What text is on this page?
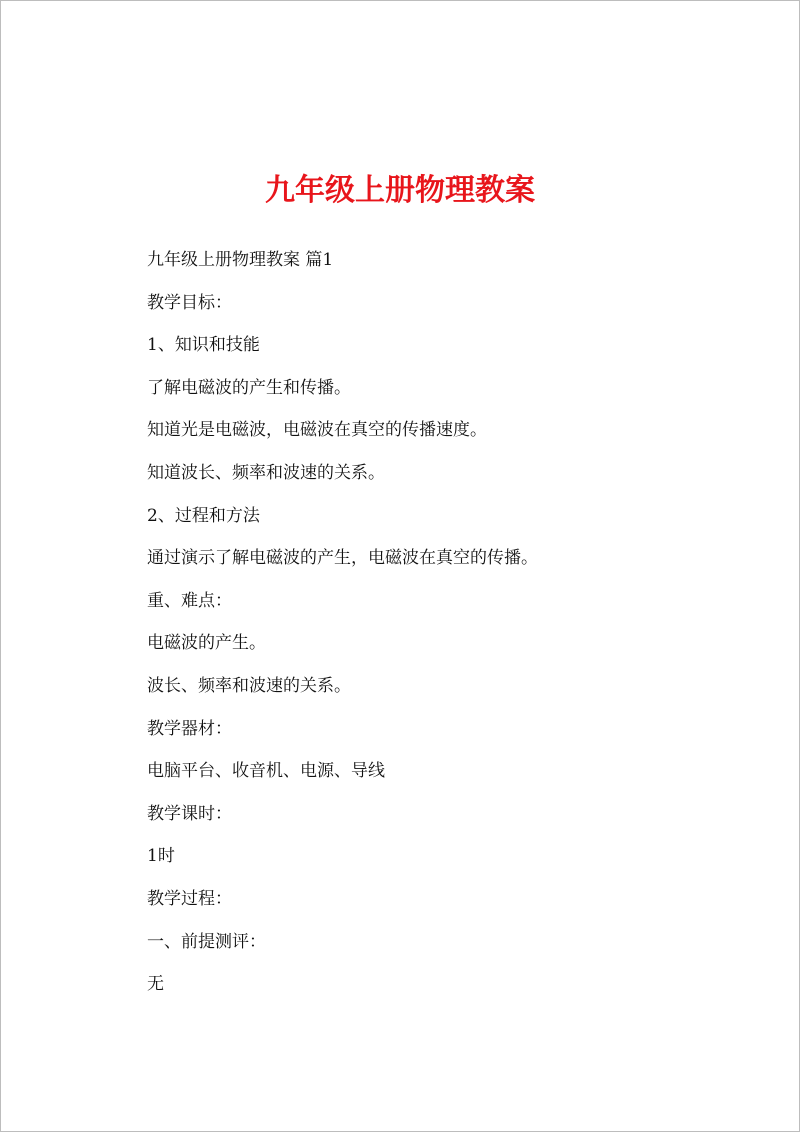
九年级上册物理教案

九年级上册物理教案 篇1

教学目标：

1、知识和技能

了解电磁波的产生和传播。

知道光是电磁波，电磁波在真空的传播速度。

知道波长、频率和波速的关系。

2、过程和方法

通过演示了解电磁波的产生，电磁波在真空的传播。

重、难点：

电磁波的产生。

波长、频率和波速的关系。

教学器材：

电脑平台、收音机、电源、导线

教学课时：

1时

教学过程：

一、前提测评：

无
